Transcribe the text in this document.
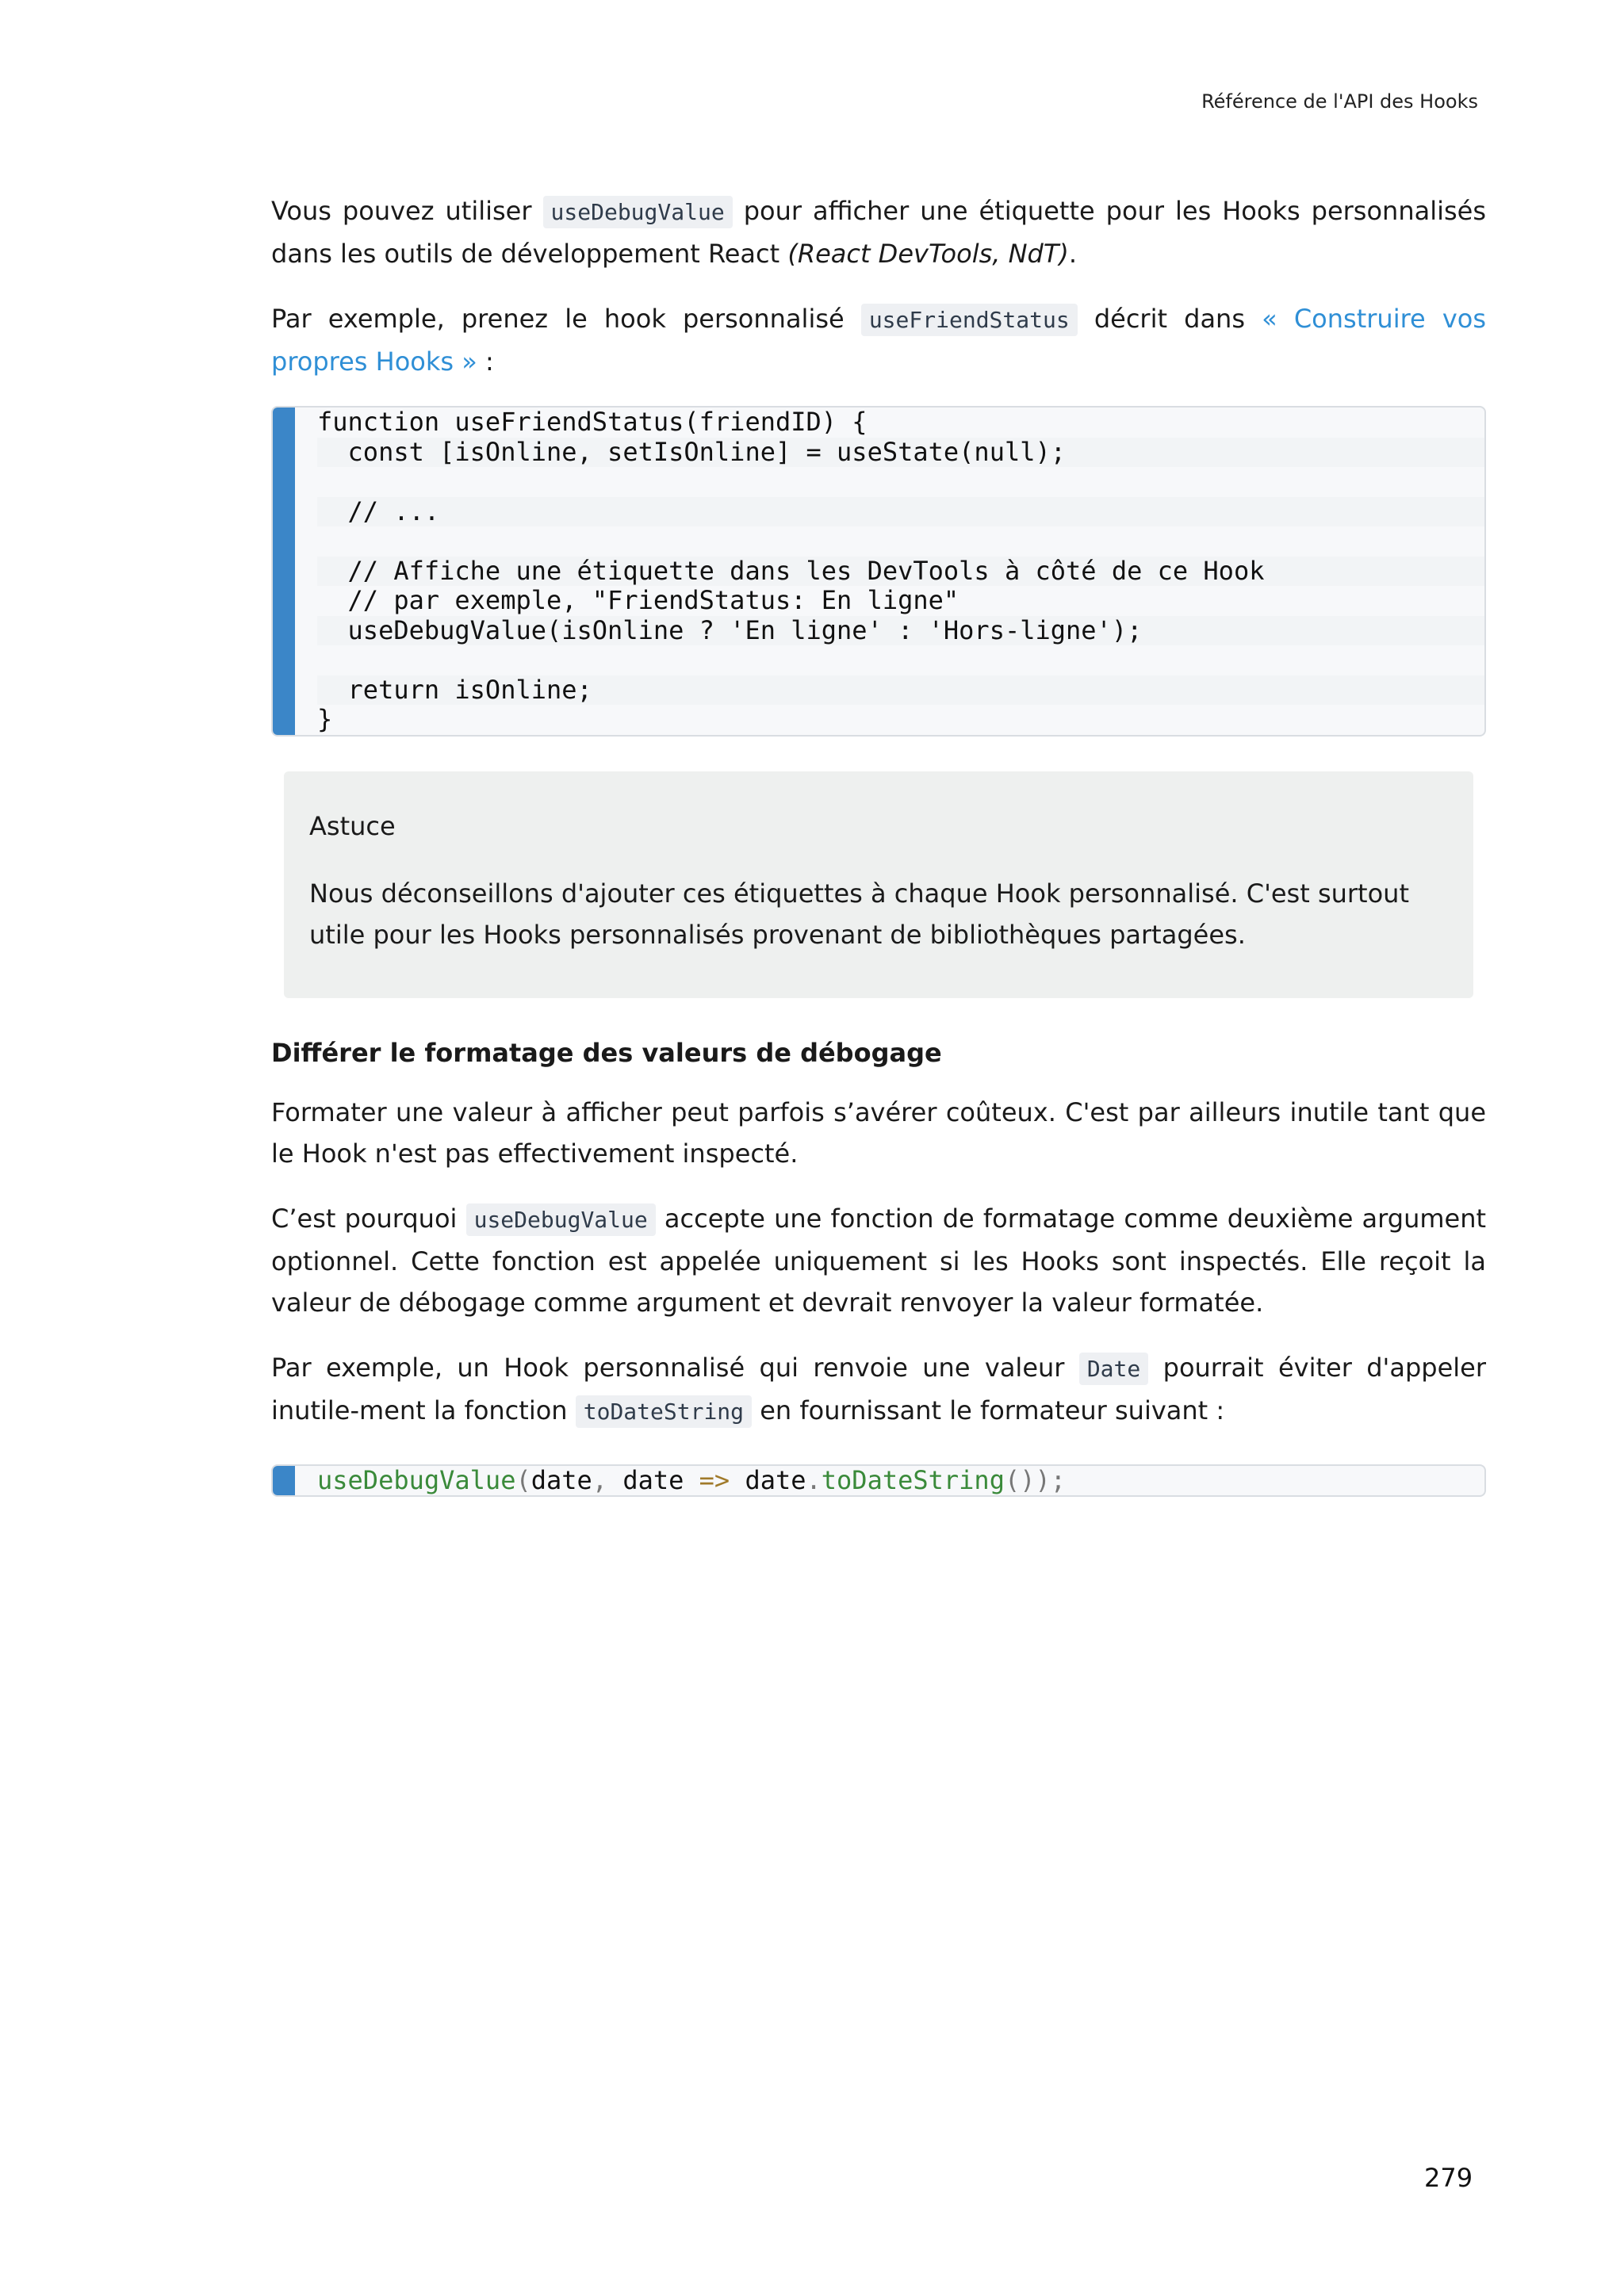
Référence de l'API des Hooks

Vous pouvez utiliser useDebugValue pour afficher une étiquette pour les Hooks personnalisés dans les outils de développement React (React DevTools, NdT).

Par exemple, prenez le hook personnalisé useFriendStatus décrit dans « Construire vos propres Hooks » :

function useFriendStatus(friendID) {
const [isOnline, setIsOnline] = useState(null);
// ...
// Affiche une étiquette dans les DevTools à côté de ce Hook
// par exemple, "FriendStatus: En ligne"
useDebugValue(isOnline ? 'En ligne' : 'Hors-ligne');
return isOnline;
}
Astuce

Nous déconseillons d'ajouter ces étiquettes à chaque Hook personnalisé. C'est surtout utile pour les Hooks personnalisés provenant de bibliothèques partagées.

Différer le formatage des valeurs de débogage

Formater une valeur à afficher peut parfois s’avérer coûteux. C'est par ailleurs inutile tant que le Hook n'est pas effectivement inspecté.

C’est pourquoi useDebugValue accepte une fonction de formatage comme deuxième argument optionnel. Cette fonction est appelée uniquement si les Hooks sont inspectés. Elle reçoit la valeur de débogage comme argument et devrait renvoyer la valeur formatée.

Par exemple, un Hook personnalisé qui renvoie une valeur Date pourrait éviter d'appeler inutile-ment la fonction toDateString en fournissant le formateur suivant :

useDebugValue(date, date => date.toDateString());
279
